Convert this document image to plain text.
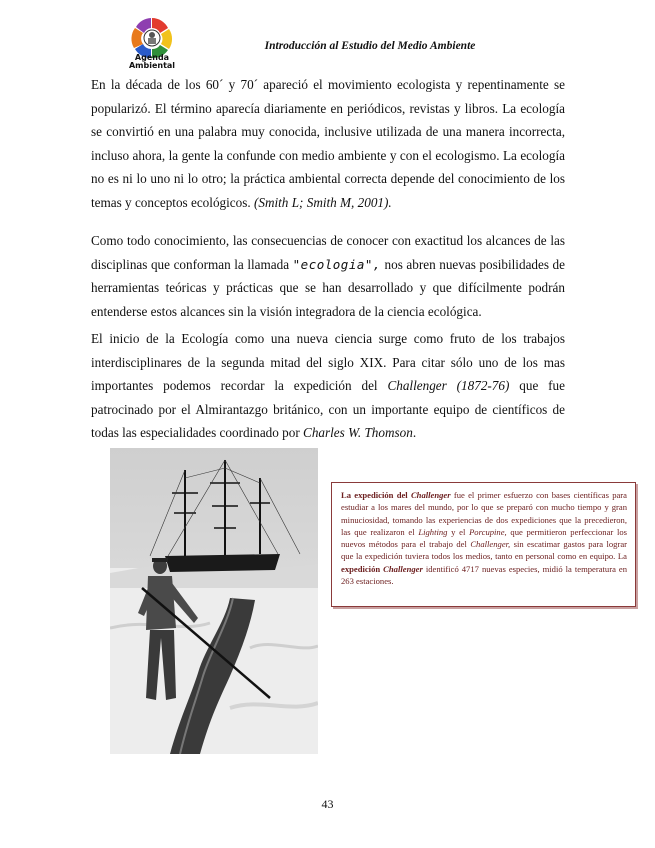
Agenda
Ambiental
Introducción al Estudio del Medio Ambiente

En la década de los 60´ y 70´ apareció el movimiento ecologista y repentinamente se popularizó. El término aparecía diariamente en periódicos, revistas y libros. La ecología se convirtió en una palabra muy conocida, inclusive utilizada de una manera incorrecta, incluso ahora, la gente la confunde con medio ambiente y con el ecologismo. La ecología no es ni lo uno ni lo otro; la práctica ambiental correcta depende del conocimiento de los temas y conceptos ecológicos. (Smith L; Smith M, 2001).

Como todo conocimiento, las consecuencias de conocer con exactitud los alcances de las disciplinas que conforman la llamada "ecologia", nos abren nuevas posibilidades de herramientas teóricas y prácticas que se han desarrollado y que difícilmente podrán entenderse estos alcances sin la visión integradora de la ciencia ecológica.

El inicio de la Ecología como una nueva ciencia surge como fruto de los trabajos interdisciplinares de la segunda mitad del siglo XIX. Para citar sólo uno de los mas importantes podemos recordar la expedición del Challenger (1872-76) que fue patrocinado por el Almirantazgo británico, con un importante equipo de científicos de todas las especialidades coordinado por Charles W. Thomson.

La expedición del Challenger fue el primer esfuerzo con bases científicas para estudiar a los mares del mundo, por lo que se preparó con mucho tiempo y gran minuciosidad, tomando las experiencias de dos expediciones que la precedieron, las que realizaron el Lighting y el Porcupine, que permitieron perfeccionar los nuevos métodos para el trabajo del Challenger, sin escatimar gastos para lograr que la expedición tuviera todos los medios, tanto en personal como en equipo. La expedición Challenger identificó 4717 nuevas especies, midió la temperatura en 263 estaciones.
43
